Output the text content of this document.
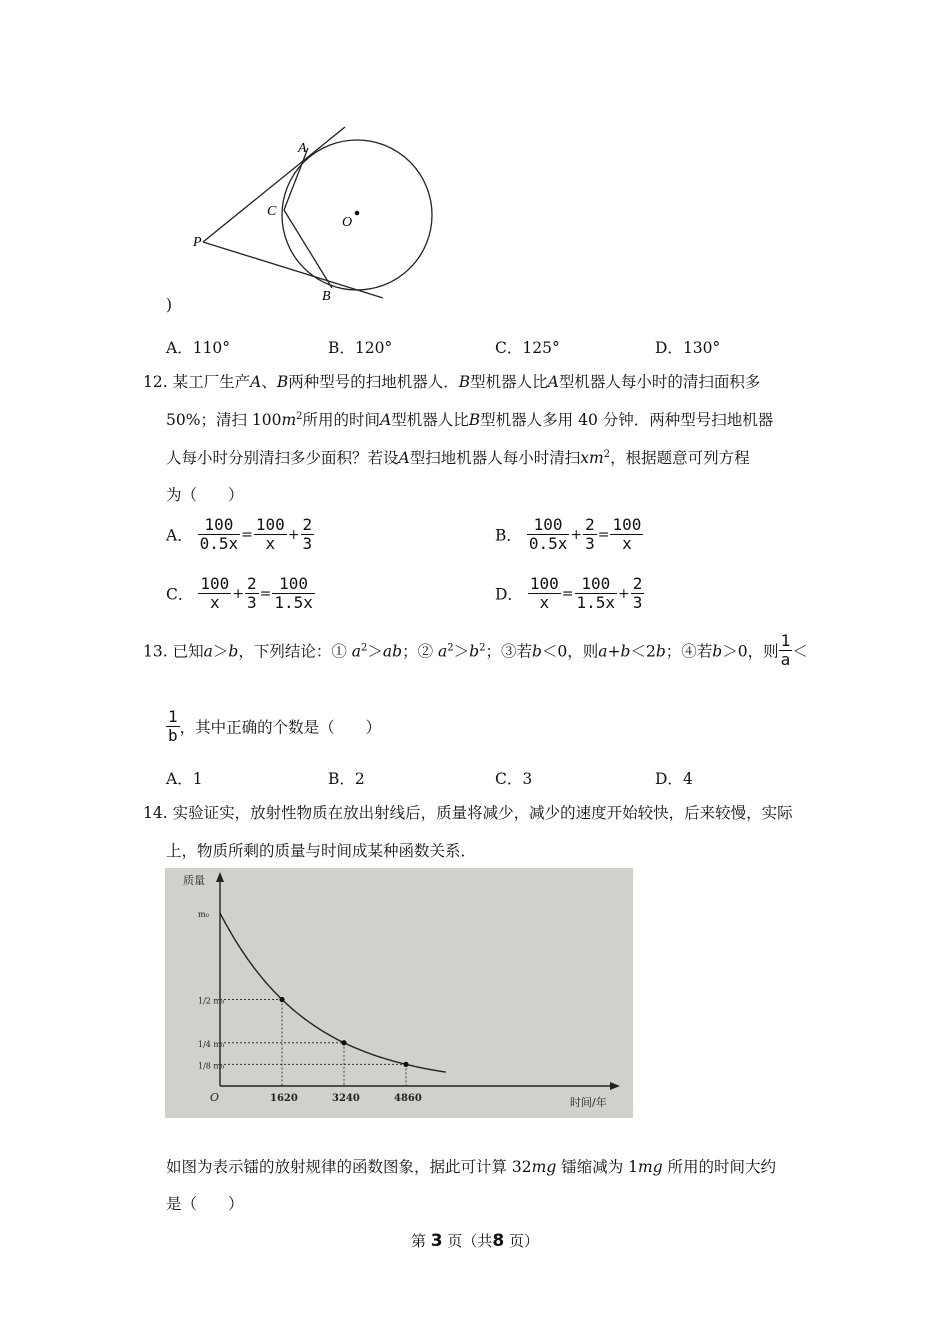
A
C
O
P
B
)
A．110°	B．120°	C．125°	D．130°
12. 某工厂生产A、B两种型号的扫地机器人．B型机器人比A型机器人每小时的清扫面积多
50%；清扫 $100m^2$所用的时间A型机器人比B型机器人多用 40 分钟．两种型号扫地机器
人每小时分别清扫多少面积？若设A型扫地机器人每小时清扫$xm^2$，根据题意可列方程
为（　　）
A． $\frac{100}{0.5x} = \frac{100}{x} + \frac{2}{3}$	B． $\frac{100}{0.5x} + \frac{2}{3} = \frac{100}{x}$
C． $\frac{100}{x} + \frac{2}{3} = \frac{100}{1.5x}$	D． $\frac{100}{x} = \frac{100}{1.5x} + \frac{2}{3}$
13. 已知a＞b，下列结论：① $a^2>ab$；② $a^2>b^2$；③若b＜0，则a+b＜2b；④若b＞0，则 $\frac{1}{a}$ ＜
$\frac{1}{b}$ ，其中正确的个数是（　　）
A．1	B．2	C．3	D．4
14. 实验证实，放射性物质在放出射线后，质量将减少，减少的速度开始较快，后来较慢，实际
上，物质所剩的质量与时间成某种函数关系．
质量
时间/年
O
m₀
1620
1/2 m₀
3240
1/4 m₀
4860
1/8 m₀
如图为表示镭的放射规律的函数图象，据此可计算 32mg 镭缩减为 1mg 所用的时间大约
是（　　）
第 3 页（共8 页）
